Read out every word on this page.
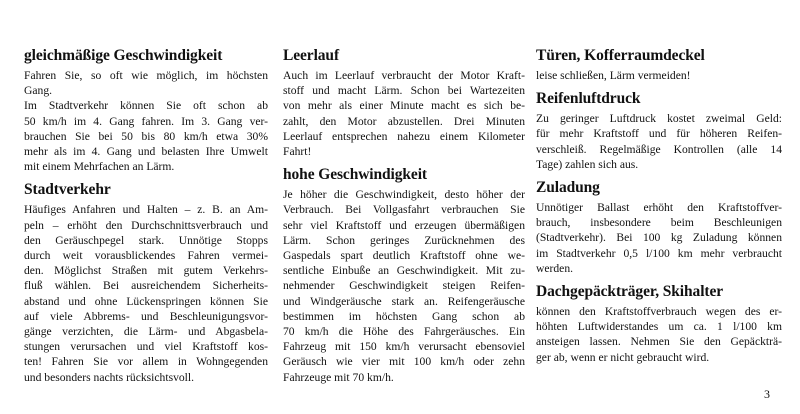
gleichmäßige Geschwindigkeit
Fahren Sie, so oft wie möglich, im höchsten
Gang.
Im Stadtverkehr können Sie oft schon ab
50 km/h im 4. Gang fahren. Im 3. Gang ver-
brauchen Sie bei 50 bis 80 km/h etwa 30%
mehr als im 4. Gang und belasten Ihre Umwelt
mit einem Mehrfachen an Lärm.
Stadtverkehr
Häufiges Anfahren und Halten – z. B. an Am-
peln – erhöht den Durchschnittsverbrauch und
den Geräuschpegel stark. Unnötige Stopps
durch weit vorausblickendes Fahren vermei-
den. Möglichst Straßen mit gutem Verkehrs-
fluß wählen. Bei ausreichendem Sicherheits-
abstand und ohne Lückenspringen können Sie
auf viele Abbrems- und Beschleunigungsvor-
gänge verzichten, die Lärm- und Abgasbela-
stungen verursachen und viel Kraftstoff kos-
ten! Fahren Sie vor allem in Wohngegenden
und besonders nachts rücksichtsvoll.
Leerlauf
Auch im Leerlauf verbraucht der Motor Kraft-
stoff und macht Lärm. Schon bei Wartezeiten
von mehr als einer Minute macht es sich be-
zahlt, den Motor abzustellen. Drei Minuten
Leerlauf entsprechen nahezu einem Kilometer
Fahrt!
hohe Geschwindigkeit
Je höher die Geschwindigkeit, desto höher der
Verbrauch. Bei Vollgasfahrt verbrauchen Sie
sehr viel Kraftstoff und erzeugen übermäßigen
Lärm. Schon geringes Zurücknehmen des
Gaspedals spart deutlich Kraftstoff ohne we-
sentliche Einbuße an Geschwindigkeit. Mit zu-
nehmender Geschwindigkeit steigen Reifen-
und Windgeräusche stark an. Reifengeräusche
bestimmen im höchsten Gang schon ab
70 km/h die Höhe des Fahrgeräusches. Ein
Fahrzeug mit 150 km/h verursacht ebensoviel
Geräusch wie vier mit 100 km/h oder zehn
Fahrzeuge mit 70 km/h.
Türen, Kofferraumdeckel
leise schließen, Lärm vermeiden!
Reifenluftdruck
Zu geringer Luftdruck kostet zweimal Geld:
für mehr Kraftstoff und für höheren Reifen-
verschleiß. Regelmäßige Kontrollen (alle 14
Tage) zahlen sich aus.
Zuladung
Unnötiger Ballast erhöht den Kraftstoffver-
brauch, insbesondere beim Beschleunigen
(Stadtverkehr). Bei 100 kg Zuladung können
im Stadtverkehr 0,5 l/100 km mehr verbraucht
werden.
Dachgepäckträger, Skihalter
können den Kraftstoffverbrauch wegen des er-
höhten Luftwiderstandes um ca. 1 l/100 km
ansteigen lassen. Nehmen Sie den Gepäckträ-
ger ab, wenn er nicht gebraucht wird.
3
